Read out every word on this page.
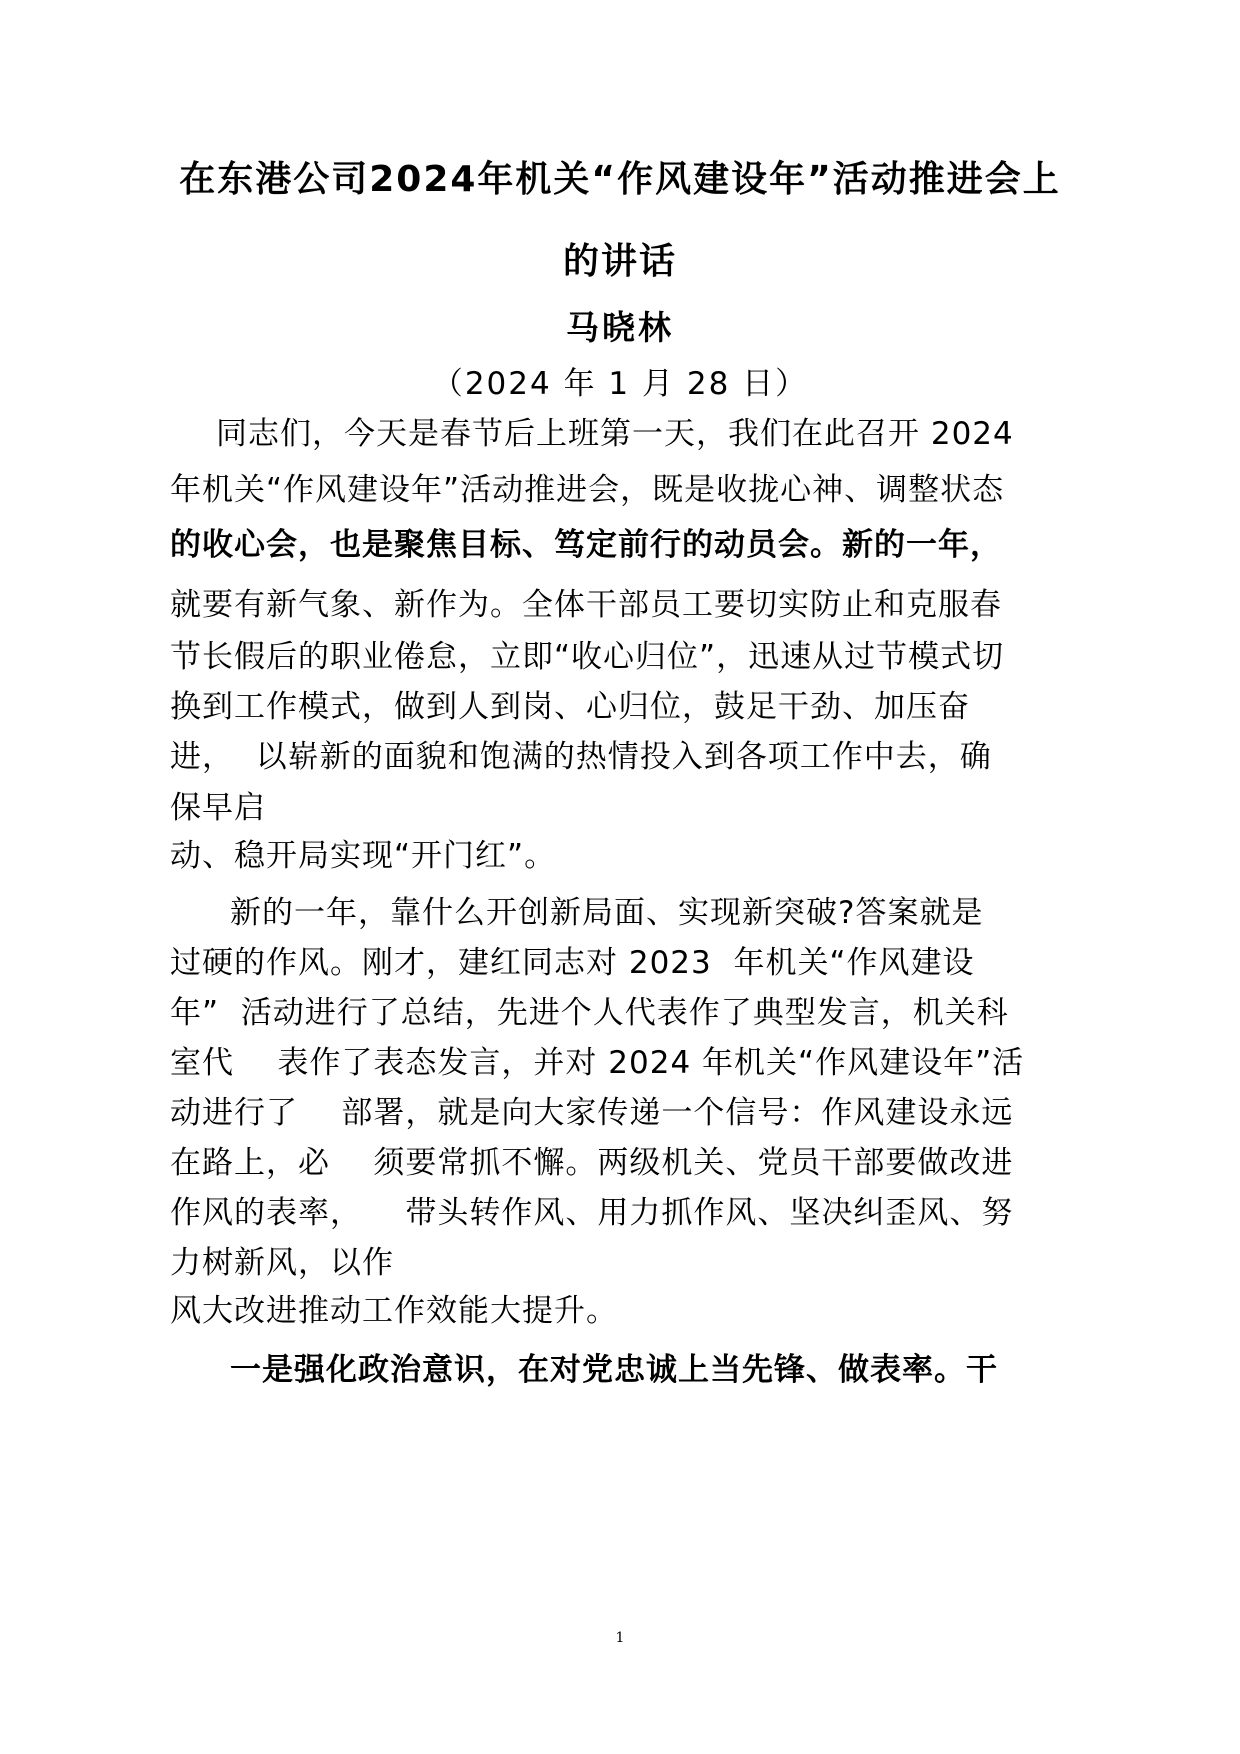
在东港公司2024年机关“作风建设年”活动推进会上
的讲话
马晓林
（2024 年 1 月 28 日）
同志们，今天是春节后上班第一天，我们在此召开 2024
年机关“作风建设年”活动推进会，既是收拢心神、调整状态
的收心会，也是聚焦目标、笃定前行的动员会。新的一年，
就要有新气象、新作为。全体干部员工要切实防止和克服春
节长假后的职业倦怠，立即“收心归位”，迅速从过节模式切
换到工作模式，做到人到岗、心归位，鼓足干劲、加压奋
进，  以崭新的面貌和饱满的热情投入到各项工作中去，确
保早启
动、稳开局实现“开门红”。
新的一年，靠什么开创新局面、实现新突破?答案就是
过硬的作风。刚才，建红同志对 2023  年机关“作风建设
年”  活动进行了总结，先进个人代表作了典型发言，机关科
室代    表作了表态发言，并对 2024 年机关“作风建设年”活
动进行了    部署，就是向大家传递一个信号：作风建设永远
在路上，必    须要常抓不懈。两级机关、党员干部要做改进
作风的表率，    带头转作风、用力抓作风、坚决纠歪风、努
力树新风，以作
风大改进推动工作效能大提升。
一是强化政治意识，在对党忠诚上当先锋、做表率。干
1
